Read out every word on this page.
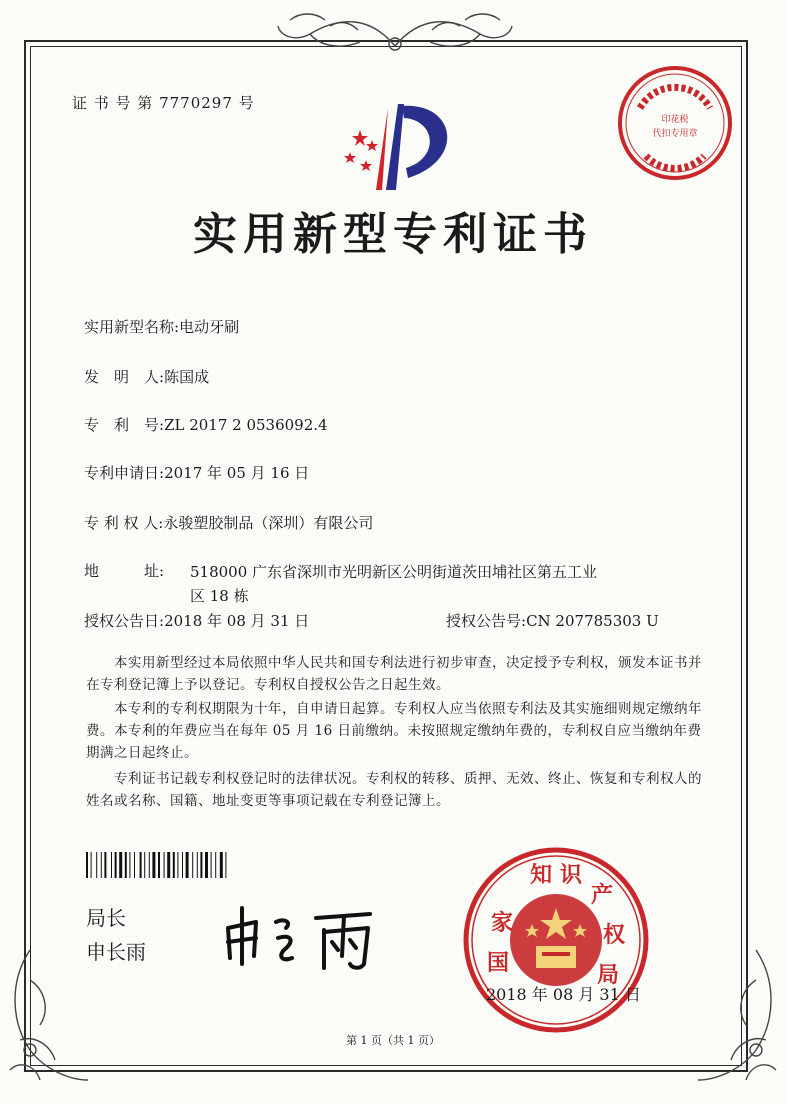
证 书 号 第 7770297 号
实用新型专利证书
印花税
代扣专用章
实用新型名称:电动牙刷
发　明　人:陈国成
专　利　号:ZL 2017 2 0536092.4
专利申请日:2017 年 05 月 16 日
专 利 权 人:永骏塑胶制品（深圳）有限公司
地　　　址: 518000 广东省深圳市光明新区公明街道茨田埔社区第五工业区 18 栋
授权公告日:2018 年 08 月 31 日	授权公告号:CN 207785303 U
本实用新型经过本局依照中华人民共和国专利法进行初步审查，决定授予专利权，颁发本证书并在专利登记簿上予以登记。专利权自授权公告之日起生效。
本专利的专利权期限为十年，自申请日起算。专利权人应当依照专利法及其实施细则规定缴纳年费。本专利的年费应当在每年 05 月 16 日前缴纳。未按照规定缴纳年费的，专利权自应当缴纳年费期满之日起终止。
专利证书记载专利权登记时的法律状况。专利权的转移、质押、无效、终止、恢复和专利权人的姓名或名称、国籍、地址变更等事项记载在专利登记簿上。
局长
申长雨
知 识
家
国
产
权
局
2018 年 08 月 31 日
第 1 页（共 1 页）
